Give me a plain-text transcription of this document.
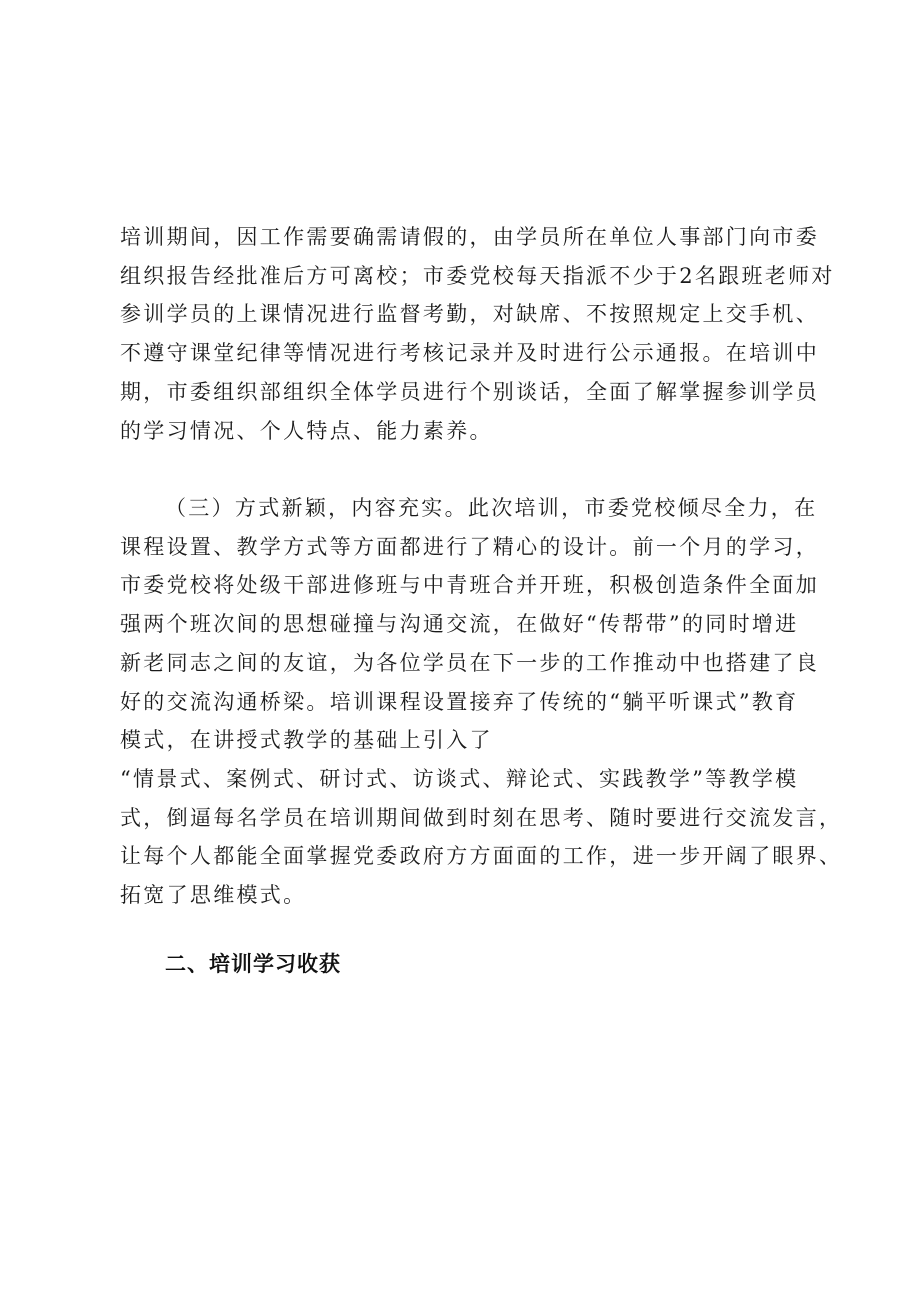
培训期间，因工作需要确需请假的，由学员所在单位人事部门向市委
组织报告经批准后方可离校；市委党校每天指派不少于2名跟班老师对
参训学员的上课情况进行监督考勤，对缺席、不按照规定上交手机、
不遵守课堂纪律等情况进行考核记录并及时进行公示通报。在培训中
期，市委组织部组织全体学员进行个别谈话，全面了解掌握参训学员
的学习情况、个人特点、能力素养。
（三）方式新颖，内容充实。此次培训，市委党校倾尽全力，在
课程设置、教学方式等方面都进行了精心的设计。前一个月的学习，
市委党校将处级干部进修班与中青班合并开班，积极创造条件全面加
强两个班次间的思想碰撞与沟通交流，在做好“传帮带”的同时增进
新老同志之间的友谊，为各位学员在下一步的工作推动中也搭建了良
好的交流沟通桥梁。培训课程设置接弃了传统的“躺平听课式”教育
模式，在讲授式教学的基础上引入了
“情景式、案例式、研讨式、访谈式、辩论式、实践教学”等教学模
式，倒逼每名学员在培训期间做到时刻在思考、随时要进行交流发言，
让每个人都能全面掌握党委政府方方面面的工作，进一步开阔了眼界、
拓宽了思维模式。
二、培训学习收获
